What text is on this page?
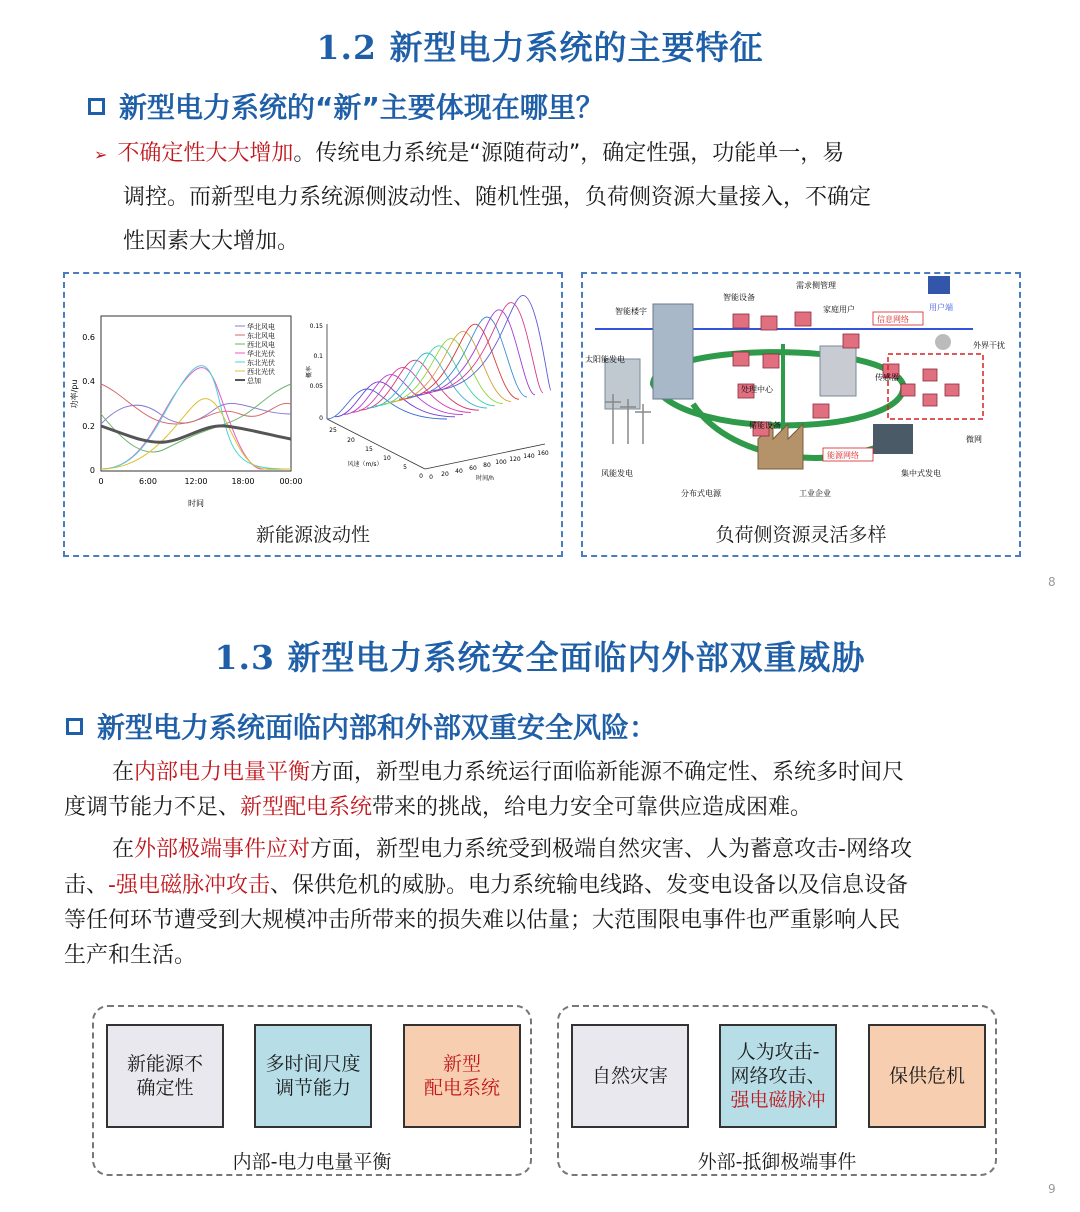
1.2 新型电力系统的主要特征
新型电力系统的“新”主要体现在哪里？
➢ 不确定性大大增加。传统电力系统是“源随荷动”，确定性强，功能单一，易
调控。而新型电力系统源侧波动性、随机性强，负荷侧资源大量接入，不确定
性因素大大增加。
0.6
0.4
0.2
0
0	6:00	12:00	18:00	00:00
时间
功率/pu
华北风电
东北风电
西北风电
华北光伏
东北光伏
西北光伏
总加
0.15
0.1
0.05
0
概率
25
20
15
10
5
0
风速（m/s）
0 20 40 60 80 100 120 140 160
时间/h
新能源波动性
需求侧管理
智能设备
智能楼宇	家庭用户
信息网络
用户端
外界干扰
太阳能发电
处理中心
传感器
储能设备
能源网络
微网
风能发电	集中式发电
分布式电源	工业企业
负荷侧资源灵活多样
8
1.3 新型电力系统安全面临内外部双重威胁
新型电力系统面临内部和外部双重安全风险：
在内部电力电量平衡方面，新型电力系统运行面临新能源不确定性、系统多时间尺
度调节能力不足、新型配电系统带来的挑战，给电力安全可靠供应造成困难。
在外部极端事件应对方面，新型电力系统受到极端自然灾害、人为蓄意攻击-网络攻
击、-强电磁脉冲攻击、保供危机的威胁。电力系统输电线路、发变电设备以及信息设备
等任何环节遭受到大规模冲击所带来的损失难以估量；大范围限电事件也严重影响人民
生产和生活。
新能源不
确定性
多时间尺度
调节能力
新型
配电系统
内部-电力电量平衡
自然灾害
人为攻击-
网络攻击、
强电磁脉冲
保供危机
外部-抵御极端事件
9
